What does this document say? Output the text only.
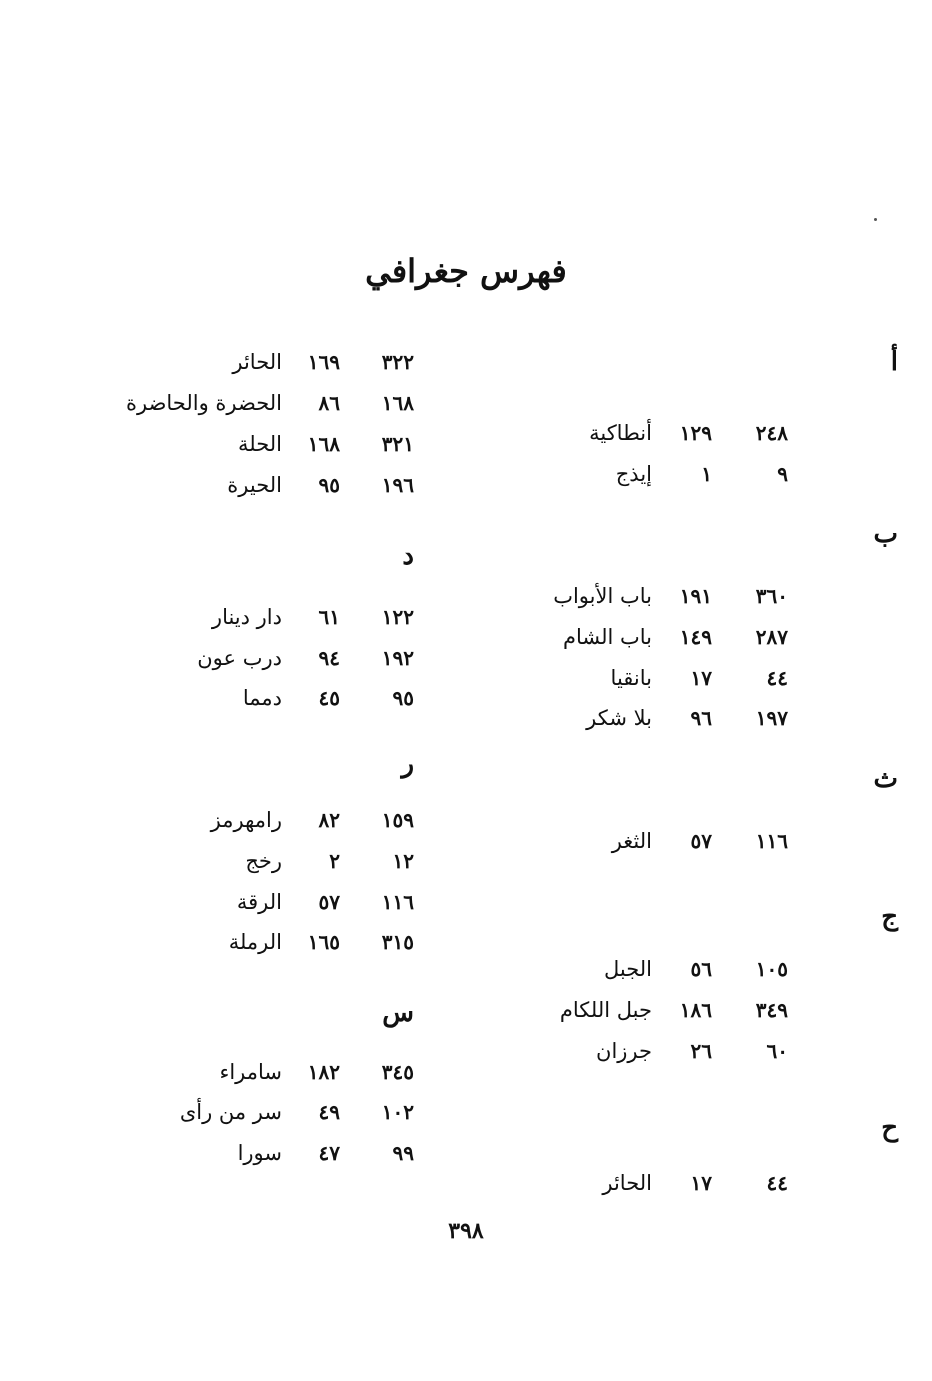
فهرس جغرافي
أ
أنطاكية ١٢٩ ٢٤٨
إيذج ١	٩
ب
باب الأبواب ١٩١ ٣٦٠
باب الشام ١٤٩ ٢٨٧
بانقيا ١٧	٤٤
بلا شكر ٩٦ ١٩٧
ث
الثغر ٥٧ ١١٦
ج
الجبل ٥٦ ١٠٥
جبل اللكام ١٨٦ ٣٤٩
جرزان ٢٦	٦٠
ح
الحائر ١٧	٤٤
الحائر ١٦٩ ٣٢٢
الحضرة والحاضرة ٨٦ ١٦٨
الحلة ١٦٨ ٣٢١
الحيرة ٩٥ ١٩٦
د
دار دينار ٦١ ١٢٢
درب عون ٩٤ ١٩٢
دمما ٤٥	٩٥
ر
رامهرمز ٨٢ ١٥٩
رخج ٢	١٢
الرقة ٥٧ ١١٦
الرملة ١٦٥ ٣١٥
س
سامراء ١٨٢ ٣٤٥
سر من رأى ٤٩ ١٠٢
سورا ٤٧	٩٩
٣٩٨
